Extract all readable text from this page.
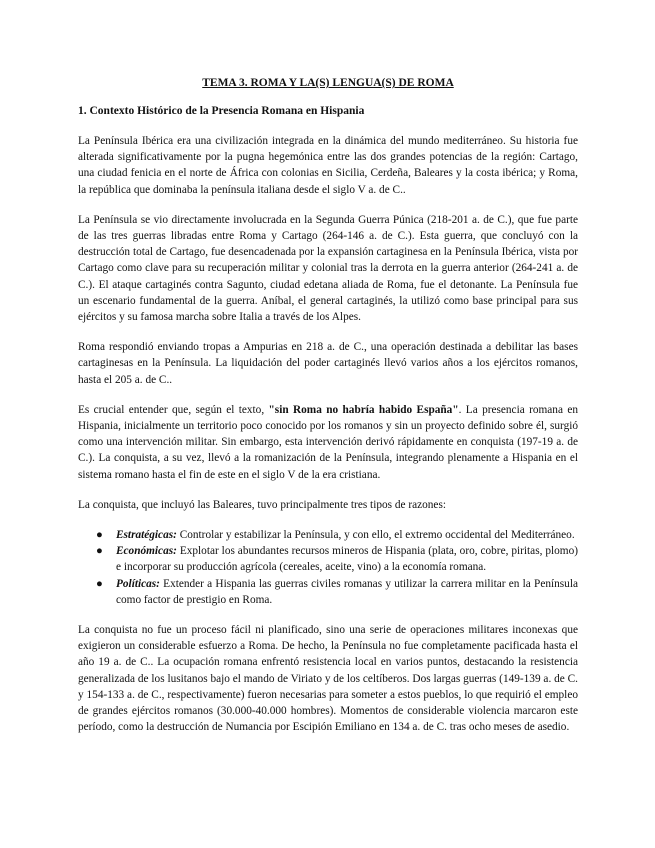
TEMA 3. ROMA Y LA(S) LENGUA(S) DE ROMA
1. Contexto Histórico de la Presencia Romana en Hispania

La Península Ibérica era una civilización integrada en la dinámica del mundo mediterráneo. Su historia fue alterada significativamente por la pugna hegemónica entre las dos grandes potencias de la región: Cartago, una ciudad fenicia en el norte de África con colonias en Sicilia, Cerdeña, Baleares y la costa ibérica; y Roma, la república que dominaba la península italiana desde el siglo V a. de C..

La Península se vio directamente involucrada en la Segunda Guerra Púnica (218-201 a. de C.), que fue parte de las tres guerras libradas entre Roma y Cartago (264-146 a. de C.). Esta guerra, que concluyó con la destrucción total de Cartago, fue desencadenada por la expansión cartaginesa en la Península Ibérica, vista por Cartago como clave para su recuperación militar y colonial tras la derrota en la guerra anterior (264-241 a. de C.). El ataque cartaginés contra Sagunto, ciudad edetana aliada de Roma, fue el detonante. La Península fue un escenario fundamental de la guerra. Aníbal, el general cartaginés, la utilizó como base principal para sus ejércitos y su famosa marcha sobre Italia a través de los Alpes.

Roma respondió enviando tropas a Ampurias en 218 a. de C., una operación destinada a debilitar las bases cartaginesas en la Península. La liquidación del poder cartaginés llevó varios años a los ejércitos romanos, hasta el 205 a. de C..

Es crucial entender que, según el texto, "sin Roma no habría habido España". La presencia romana en Hispania, inicialmente un territorio poco conocido por los romanos y sin un proyecto definido sobre él, surgió como una intervención militar. Sin embargo, esta intervención derivó rápidamente en conquista (197-19 a. de C.). La conquista, a su vez, llevó a la romanización de la Península, integrando plenamente a Hispania en el sistema romano hasta el fin de este en el siglo V de la era cristiana.

La conquista, que incluyó las Baleares, tuvo principalmente tres tipos de razones:

● Estratégicas: Controlar y estabilizar la Península, y con ello, el extremo occidental del Mediterráneo.
● Económicas: Explotar los abundantes recursos mineros de Hispania (plata, oro, cobre, piritas, plomo) e incorporar su producción agrícola (cereales, aceite, vino) a la economía romana.
● Políticas: Extender a Hispania las guerras civiles romanas y utilizar la carrera militar en la Península como factor de prestigio en Roma.

La conquista no fue un proceso fácil ni planificado, sino una serie de operaciones militares inconexas que exigieron un considerable esfuerzo a Roma. De hecho, la Península no fue completamente pacificada hasta el año 19 a. de C.. La ocupación romana enfrentó resistencia local en varios puntos, destacando la resistencia generalizada de los lusitanos bajo el mando de Viriato y de los celtíberos. Dos largas guerras (149-139 a. de C. y 154-133 a. de C., respectivamente) fueron necesarias para someter a estos pueblos, lo que requirió el empleo de grandes ejércitos romanos (30.000-40.000 hombres). Momentos de considerable violencia marcaron este período, como la destrucción de Numancia por Escipión Emiliano en 134 a. de C. tras ocho meses de asedio.
